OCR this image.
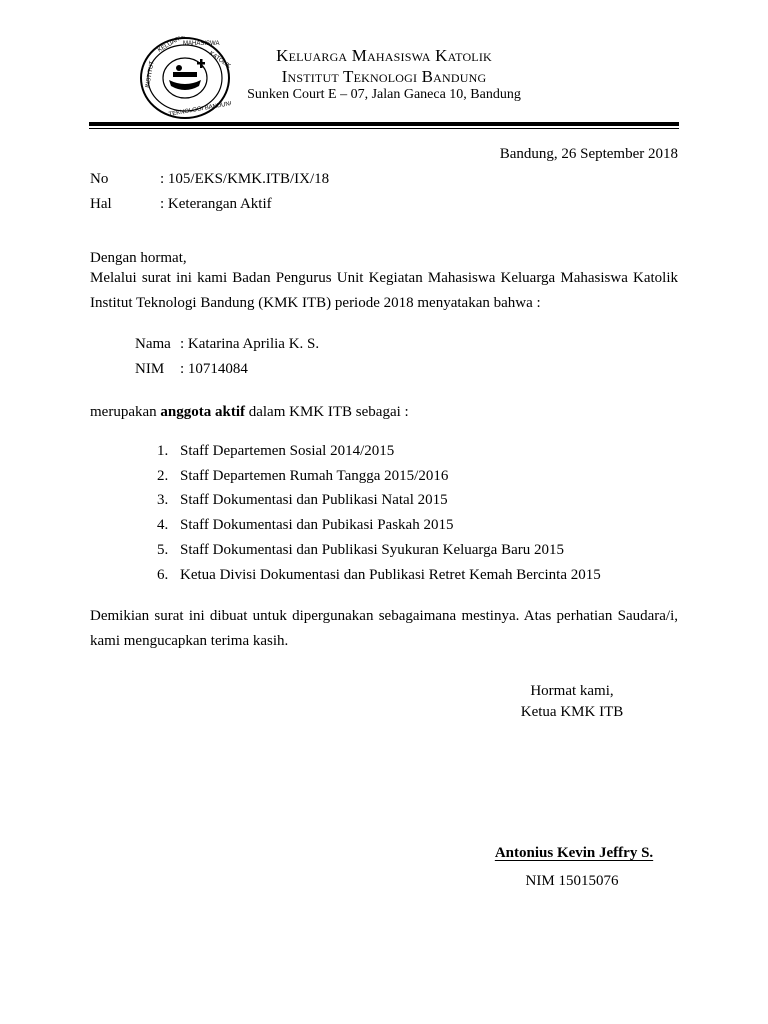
KELUARGA
MAHASISWA
KATOLIK
INSTITUT
TEKNOLOGI BANDUNG
Keluarga Mahasiswa Katolik
Institut Teknologi Bandung
Sunken Court E – 07, Jalan Ganeca 10, Bandung
Bandung, 26 September 2018
No	: 105/EKS/KMK.ITB/IX/18
Hal	: Keterangan Aktif
Dengan hormat,
Melalui surat ini kami Badan Pengurus Unit Kegiatan Mahasiswa Keluarga Mahasiswa Katolik Institut Teknologi Bandung (KMK ITB) periode 2018 menyatakan bahwa :
Nama : Katarina Aprilia K. S.
NIM : 10714084
merupakan anggota aktif dalam KMK ITB sebagai :
1. Staff Departemen Sosial 2014/2015
2. Staff Departemen Rumah Tangga 2015/2016
3. Staff Dokumentasi dan Publikasi Natal 2015
4. Staff Dokumentasi dan Pubikasi Paskah 2015
5. Staff Dokumentasi dan Publikasi Syukuran Keluarga Baru 2015
6. Ketua Divisi Dokumentasi dan Publikasi Retret Kemah Bercinta 2015
Demikian surat ini dibuat untuk dipergunakan sebagaimana mestinya. Atas perhatian Saudara/i, kami mengucapkan terima kasih.
Hormat kami,
Ketua KMK ITB
Antonius Kevin Jeffry S.
NIM 15015076
